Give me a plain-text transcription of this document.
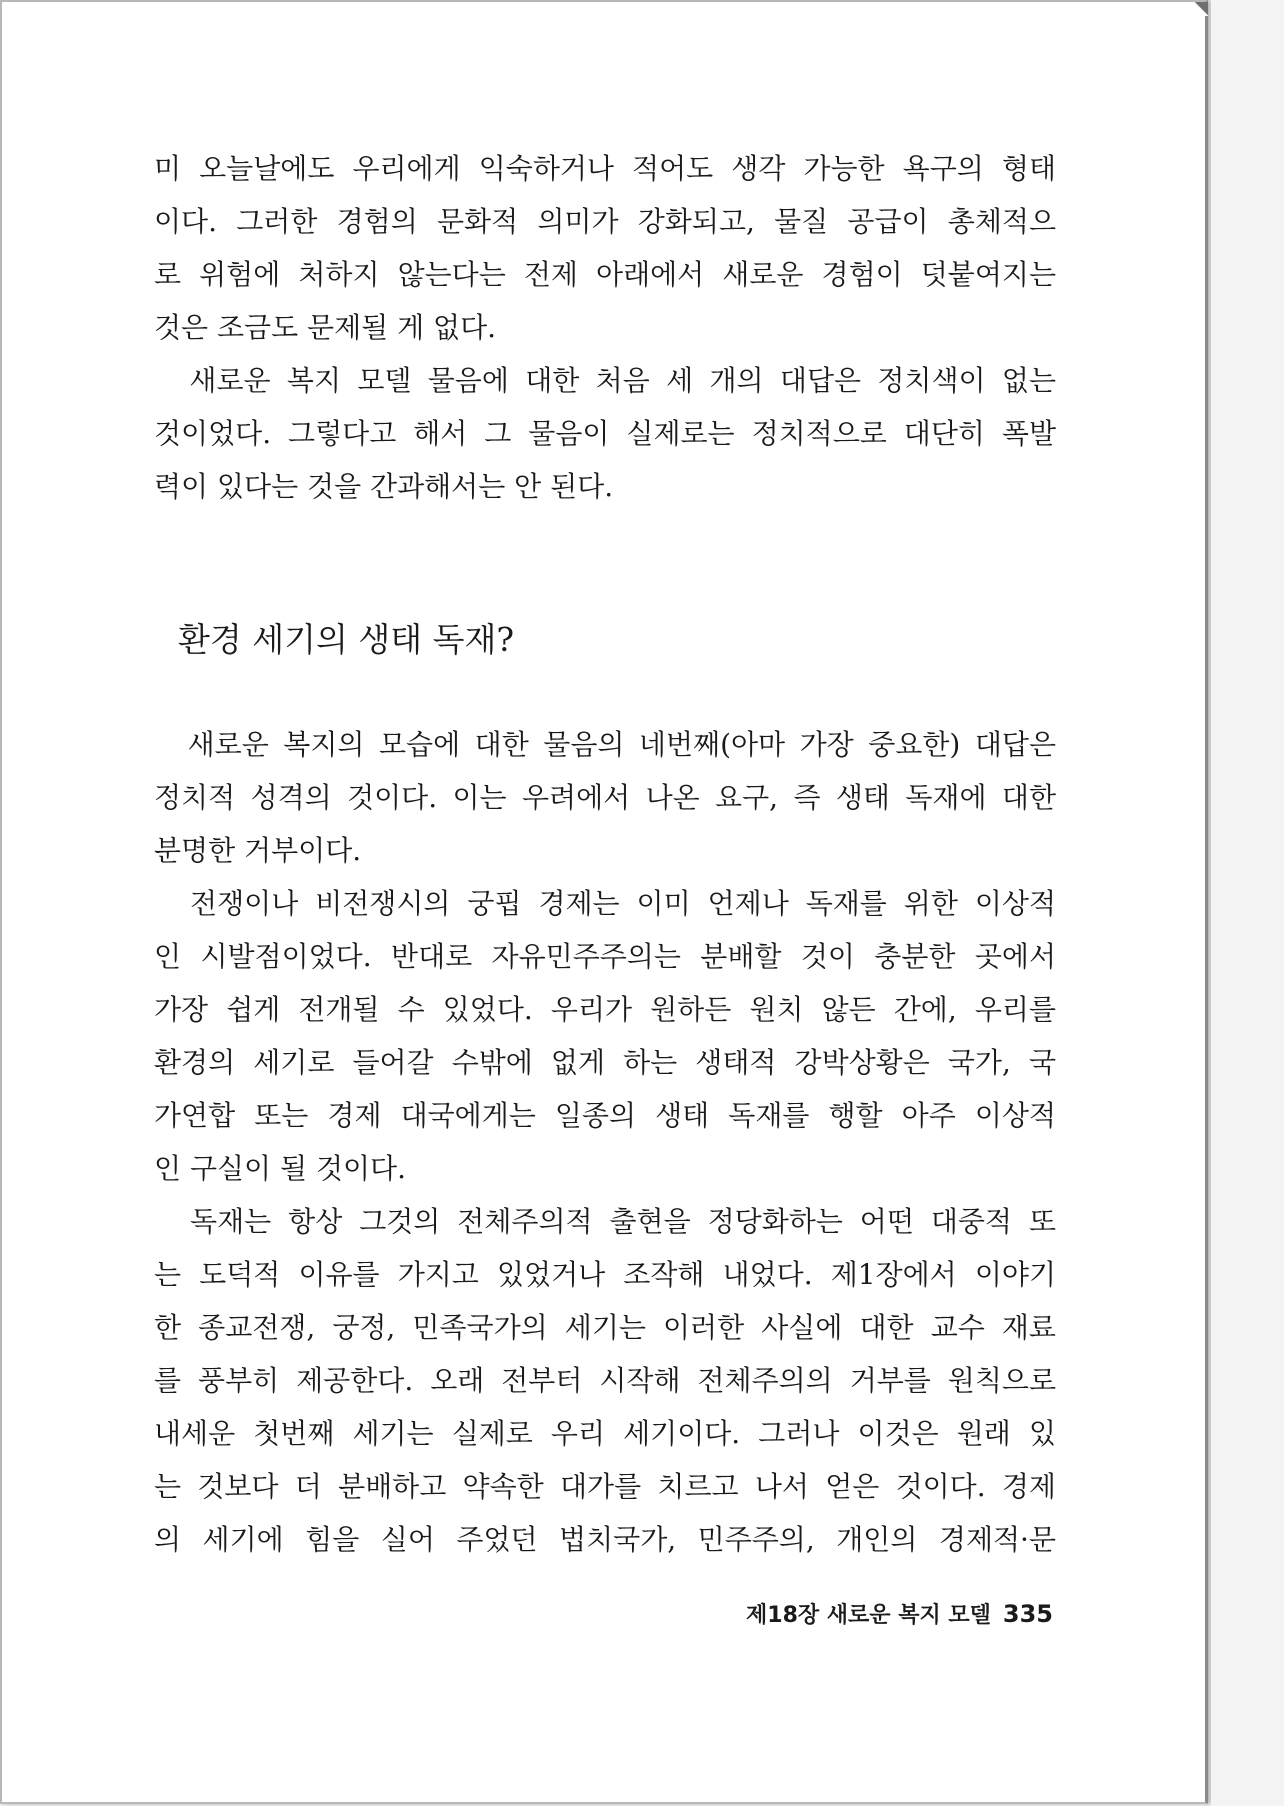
미 오늘날에도 우리에게 익숙하거나 적어도 생각 가능한 욕구의 형태
이다. 그러한 경험의 문화적 의미가 강화되고, 물질 공급이 총체적으
로 위험에 처하지 않는다는 전제 아래에서 새로운 경험이 덧붙여지는
것은 조금도 문제될 게 없다.
　새로운 복지 모델 물음에 대한 처음 세 개의 대답은 정치색이 없는
것이었다. 그렇다고 해서 그 물음이 실제로는 정치적으로 대단히 폭발
력이 있다는 것을 간과해서는 안 된다.
환경 세기의 생태 독재?
　새로운 복지의 모습에 대한 물음의 네번째(아마 가장 중요한) 대답은
정치적 성격의 것이다. 이는 우려에서 나온 요구, 즉 생태 독재에 대한
분명한 거부이다.
　전쟁이나 비전쟁시의 궁핍 경제는 이미 언제나 독재를 위한 이상적
인 시발점이었다. 반대로 자유민주주의는 분배할 것이 충분한 곳에서
가장 쉽게 전개될 수 있었다. 우리가 원하든 원치 않든 간에, 우리를
환경의 세기로 들어갈 수밖에 없게 하는 생태적 강박상황은 국가, 국
가연합 또는 경제 대국에게는 일종의 생태 독재를 행할 아주 이상적
인 구실이 될 것이다.
　독재는 항상 그것의 전체주의적 출현을 정당화하는 어떤 대중적 또
는 도덕적 이유를 가지고 있었거나 조작해 내었다. 제1장에서 이야기
한 종교전쟁, 궁정, 민족국가의 세기는 이러한 사실에 대한 교수 재료
를 풍부히 제공한다. 오래 전부터 시작해 전체주의의 거부를 원칙으로
내세운 첫번째 세기는 실제로 우리 세기이다. 그러나 이것은 원래 있
는 것보다 더 분배하고 약속한 대가를 치르고 나서 얻은 것이다. 경제
의 세기에 힘을 실어 주었던 법치국가, 민주주의, 개인의 경제적·문
제18장 새로운 복지 모델 335
